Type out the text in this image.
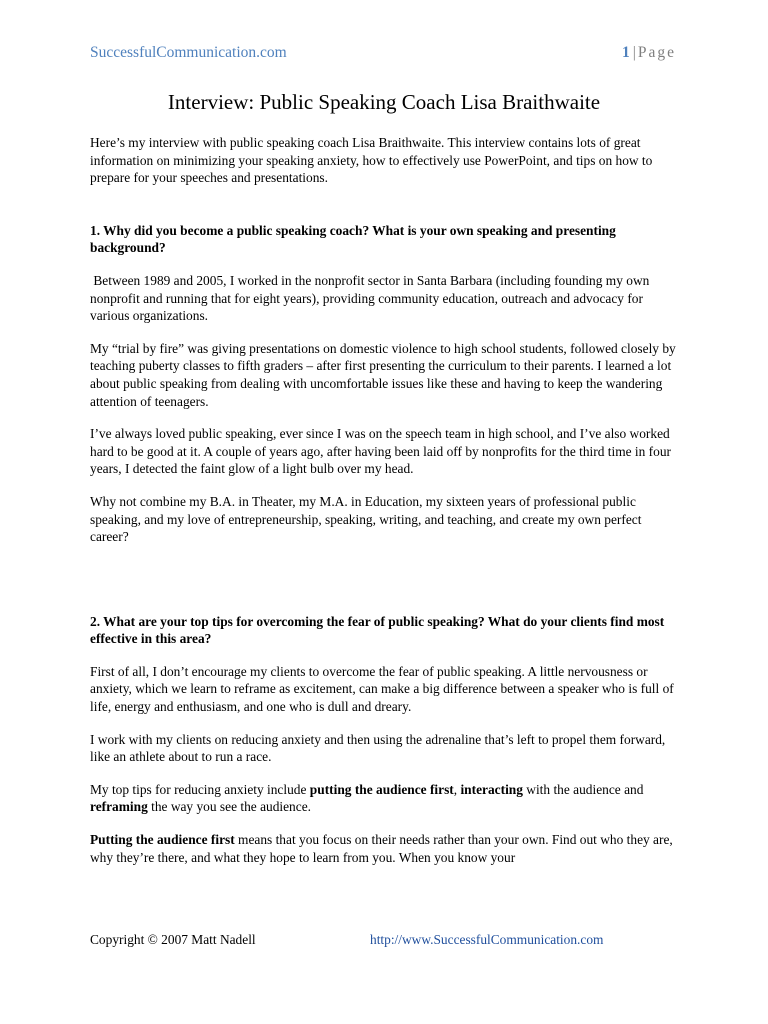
SuccessfulCommunication.com	1 | Page
Interview: Public Speaking Coach Lisa Braithwaite

Here’s my interview with public speaking coach Lisa Braithwaite. This interview contains lots of great information on minimizing your speaking anxiety, how to effectively use PowerPoint, and tips on how to prepare for your speeches and presentations.

1. Why did you become a public speaking coach? What is your own speaking and presenting background?

Between 1989 and 2005, I worked in the nonprofit sector in Santa Barbara (including founding my own nonprofit and running that for eight years), providing community education, outreach and advocacy for various organizations.

My “trial by fire” was giving presentations on domestic violence to high school students, followed closely by teaching puberty classes to fifth graders – after first presenting the curriculum to their parents. I learned a lot about public speaking from dealing with uncomfortable issues like these and having to keep the wandering attention of teenagers.

I’ve always loved public speaking, ever since I was on the speech team in high school, and I’ve also worked hard to be good at it. A couple of years ago, after having been laid off by nonprofits for the third time in four years, I detected the faint glow of a light bulb over my head.

Why not combine my B.A. in Theater, my M.A. in Education, my sixteen years of professional public speaking, and my love of entrepreneurship, speaking, writing, and teaching, and create my own perfect career?

2. What are your top tips for overcoming the fear of public speaking? What do your clients find most effective in this area?

First of all, I don’t encourage my clients to overcome the fear of public speaking. A little nervousness or anxiety, which we learn to reframe as excitement, can make a big difference between a speaker who is full of life, energy and enthusiasm, and one who is dull and dreary.

I work with my clients on reducing anxiety and then using the adrenaline that’s left to propel them forward, like an athlete about to run a race.

My top tips for reducing anxiety include putting the audience first, interacting with the audience and reframing the way you see the audience.

Putting the audience first means that you focus on their needs rather than your own. Find out who they are, why they’re there, and what they hope to learn from you. When you know your

Copyright © 2007 Matt Nadell	http://www.SuccessfulCommunication.com
